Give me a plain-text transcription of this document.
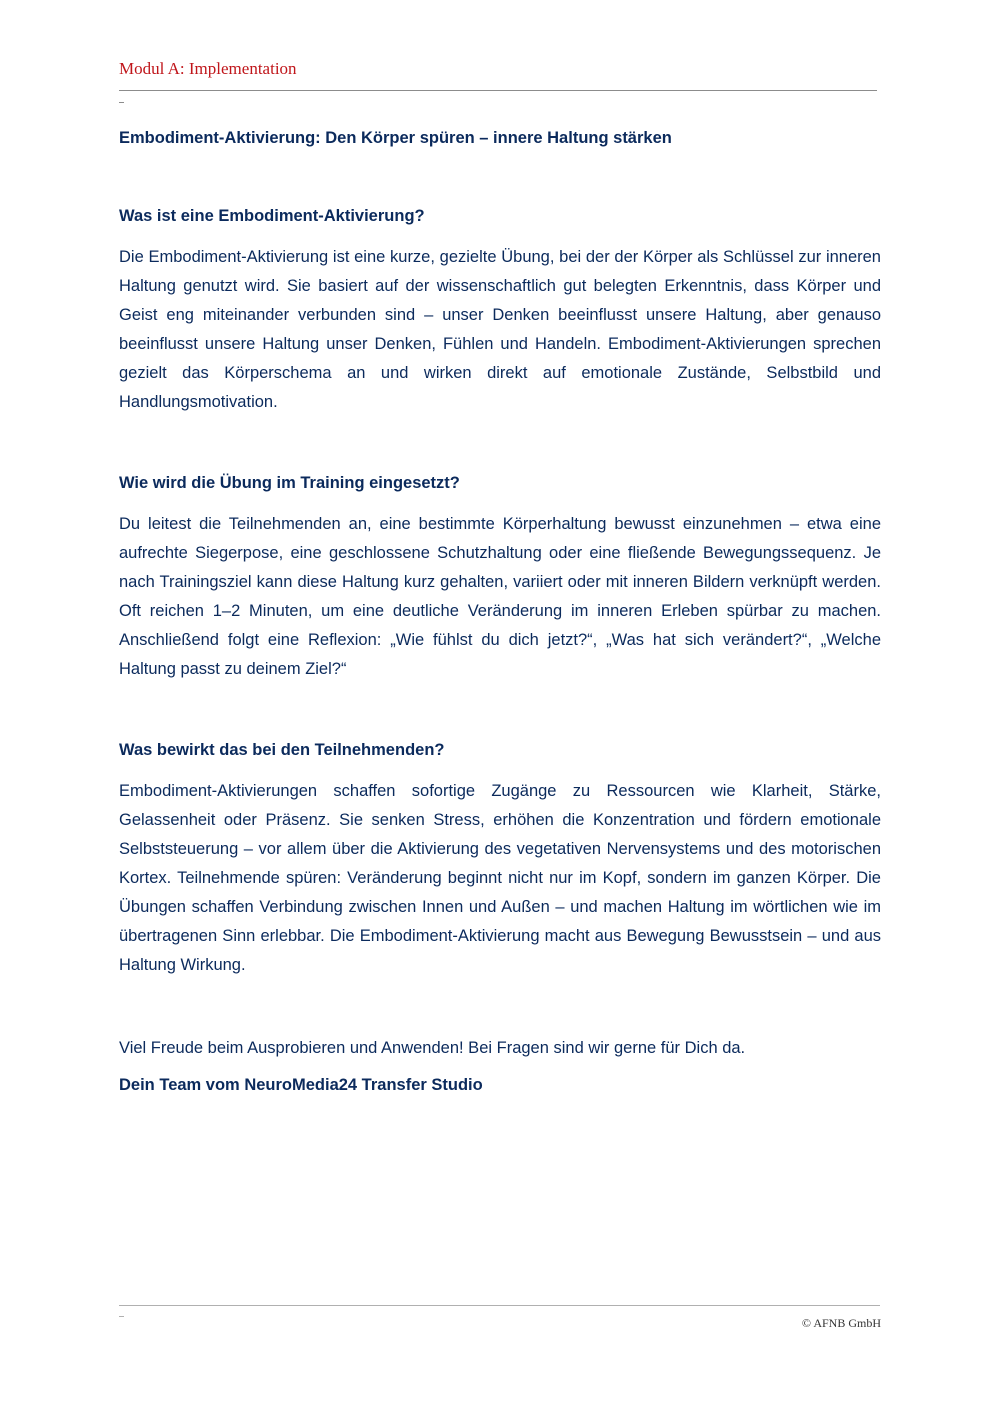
Modul A: Implementation
Embodiment-Aktivierung: Den Körper spüren – innere Haltung stärken
Was ist eine Embodiment-Aktivierung?

Die Embodiment-Aktivierung ist eine kurze, gezielte Übung, bei der der Körper als Schlüssel zur inneren Haltung genutzt wird. Sie basiert auf der wissenschaftlich gut belegten Erkenntnis, dass Körper und Geist eng miteinander verbunden sind – unser Denken beeinflusst unsere Haltung, aber genauso beeinflusst unsere Haltung unser Denken, Fühlen und Handeln. Embodiment-Aktivierungen sprechen gezielt das Körperschema an und wirken direkt auf emotionale Zustände, Selbstbild und Handlungsmotivation.

Wie wird die Übung im Training eingesetzt?

Du leitest die Teilnehmenden an, eine bestimmte Körperhaltung bewusst einzunehmen – etwa eine aufrechte Siegerpose, eine geschlossene Schutzhaltung oder eine fließende Bewegungssequenz. Je nach Trainingsziel kann diese Haltung kurz gehalten, variiert oder mit inneren Bildern verknüpft werden. Oft reichen 1–2 Minuten, um eine deutliche Veränderung im inneren Erleben spürbar zu machen. Anschließend folgt eine Reflexion: „Wie fühlst du dich jetzt?“, „Was hat sich verändert?“, „Welche Haltung passt zu deinem Ziel?“

Was bewirkt das bei den Teilnehmenden?

Embodiment-Aktivierungen schaffen sofortige Zugänge zu Ressourcen wie Klarheit, Stärke, Gelassenheit oder Präsenz. Sie senken Stress, erhöhen die Konzentration und fördern emotionale Selbststeuerung – vor allem über die Aktivierung des vegetativen Nervensystems und des motorischen Kortex. Teilnehmende spüren: Veränderung beginnt nicht nur im Kopf, sondern im ganzen Körper. Die Übungen schaffen Verbindung zwischen Innen und Außen – und machen Haltung im wörtlichen wie im übertragenen Sinn erlebbar. Die Embodiment-Aktivierung macht aus Bewegung Bewusstsein – und aus Haltung Wirkung.

Viel Freude beim Ausprobieren und Anwenden! Bei Fragen sind wir gerne für Dich da.

Dein Team vom NeuroMedia24 Transfer Studio

© AFNB GmbH
